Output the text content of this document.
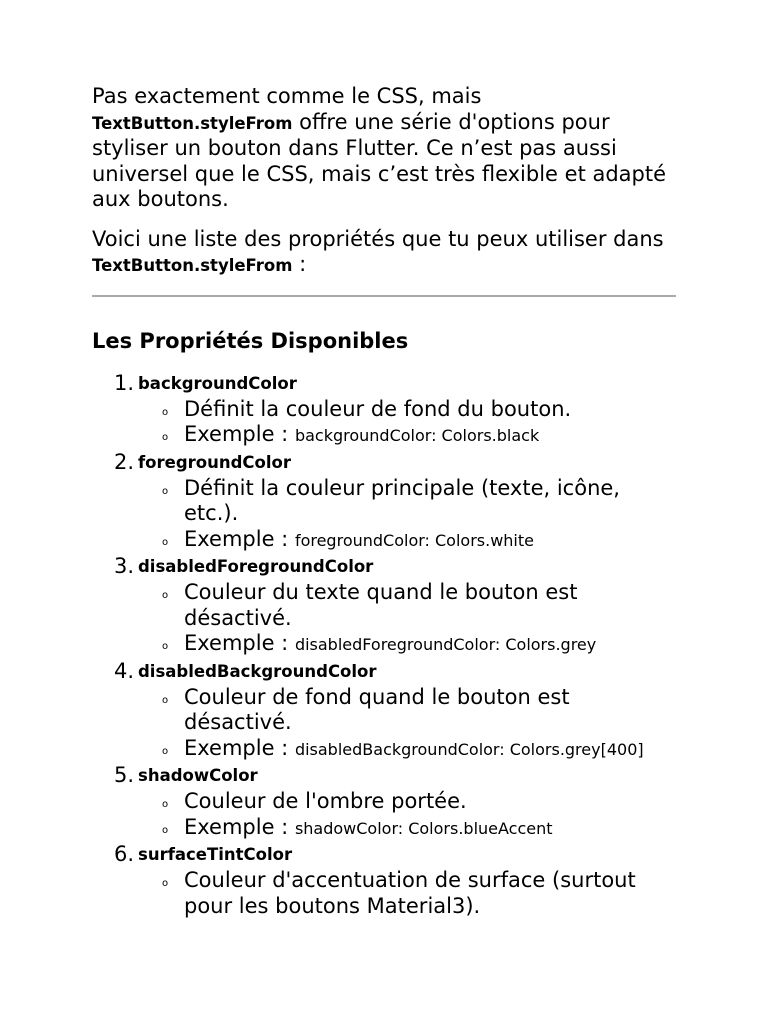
Pas exactement comme le CSS, mais TextButton.styleFrom offre une série d'options pour styliser un bouton dans Flutter. Ce n’est pas aussi universel que le CSS, mais c’est très flexible et adapté aux boutons.

Voici une liste des propriétés que tu peux utiliser dans TextButton.styleFrom :

Les Propriétés Disponibles
1. backgroundColor
o Définit la couleur de fond du bouton.
o Exemple : backgroundColor: Colors.black
2. foregroundColor
o Définit la couleur principale (texte, icône, etc.).
o Exemple : foregroundColor: Colors.white
3. disabledForegroundColor
o Couleur du texte quand le bouton est désactivé.
o Exemple : disabledForegroundColor: Colors.grey
4. disabledBackgroundColor
o Couleur de fond quand le bouton est désactivé.
o Exemple : disabledBackgroundColor: Colors.grey[400]
5. shadowColor
o Couleur de l'ombre portée.
o Exemple : shadowColor: Colors.blueAccent
6. surfaceTintColor
o Couleur d'accentuation de surface (surtout pour les boutons Material3).
